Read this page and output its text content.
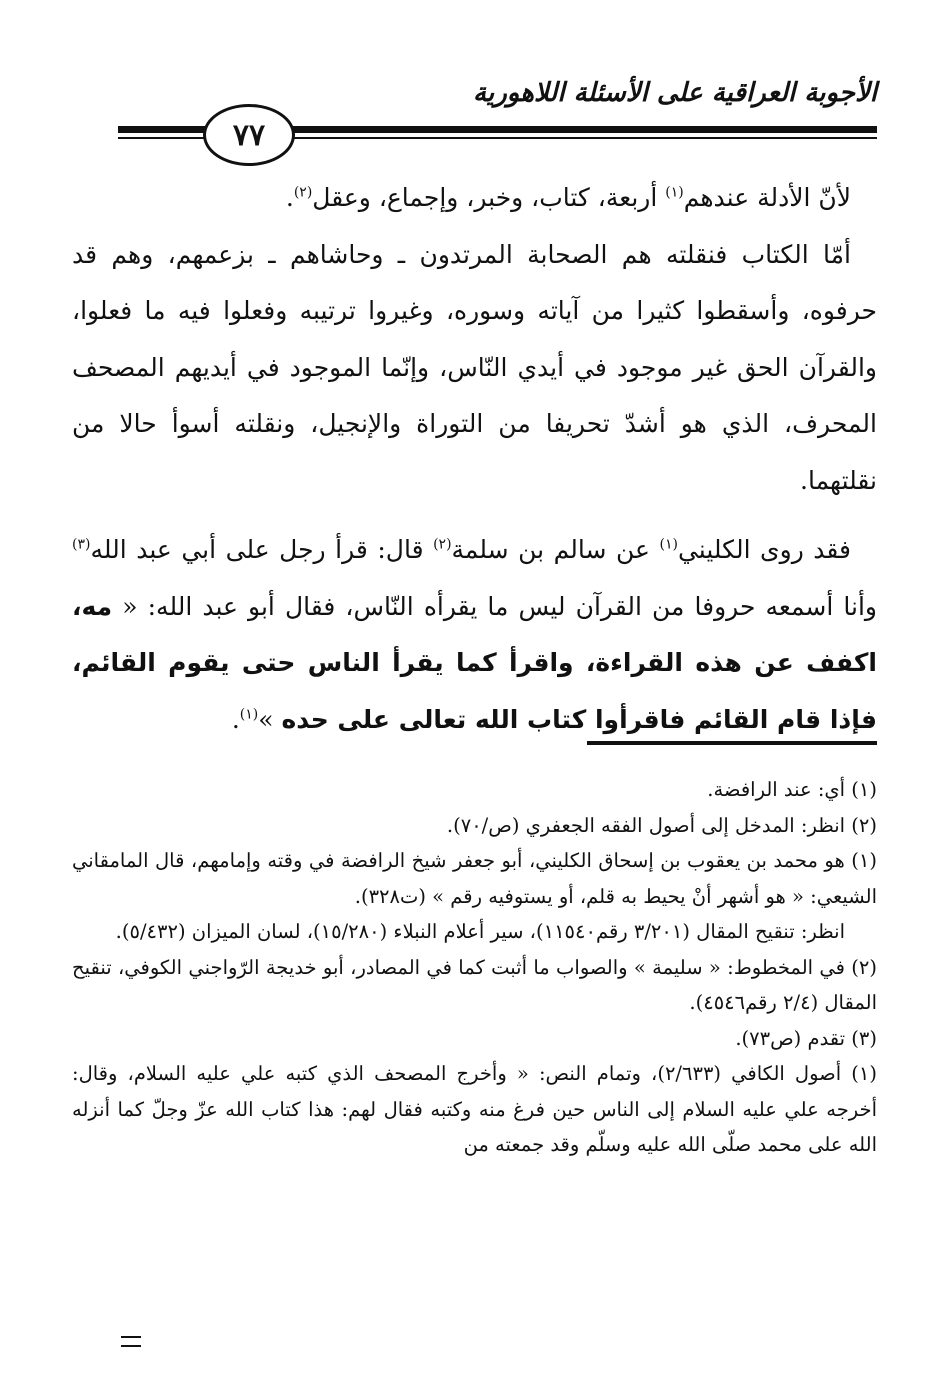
الأجوبة العراقية على الأسئلة اللاهورية
٧٧

لأنّ الأدلة عندهم$^{(١)}$ أربعة، كتاب، وخبر، وإجماع، وعقل$^{(٢)}$.

أمّا الكتاب فنقلته هم الصحابة المرتدون ـ وحاشاهم ـ بزعمهم، وهم قد حرفوه، وأسقطوا كثيرا من آياته وسوره، وغيروا ترتيبه وفعلوا فيه ما فعلوا، والقرآن الحق غير موجود في أيدي النّاس، وإنّما الموجود في أيديهم المصحف المحرف، الذي هو أشدّ تحريفا من التوراة والإنجيل، ونقلته أسوأ حالا من نقلتهما.

فقد روى الكليني$^{(١)}$ عن سالم بن سلمة$^{(٢)}$ قال: قرأ رجل على أبي عبد الله$^{(٣)}$ وأنا أسمعه حروفا من القرآن ليس ما يقرأه النّاس، فقال أبو عبد الله: « مه، اكفف عن هذه القراءة، واقرأ كما يقرأ الناس حتى يقوم القائم، فإذا قام القائم فاقرأوا كتاب الله تعالى على حده »$^{(١)}$.

(١) أي: عند الرافضة.

(٢) انظر: المدخل إلى أصول الفقه الجعفري (ص/٧٠).

(١) هو محمد بن يعقوب بن إسحاق الكليني، أبو جعفر شيخ الرافضة في وقته وإمامهم، قال المامقاني الشيعي: « هو أشهر أنْ يحيط به قلم، أو يستوفيه رقم » (ت٣٢٨).

انظر: تنقيح المقال (٣/٢٠١ رقم١١٥٤٠)، سير أعلام النبلاء (١٥/٢٨٠)، لسان الميزان (٥/٤٣٢).

(٢) في المخطوط: « سليمة » والصواب ما أثبت كما في المصادر، أبو خديجة الرّواجني الكوفي، تنقيح المقال (٢/٤ رقم٤٥٤٦).

(٣) تقدم (ص٧٣).

(١) أصول الكافي (٢/٦٣٣)، وتمام النص: « وأخرج المصحف الذي كتبه علي عليه السلام، وقال: أخرجه علي عليه السلام إلى الناس حين فرغ منه وكتبه فقال لهم: هذا كتاب الله عزّ وجلّ كما أنزله الله على محمد صلّى الله عليه وسلّم وقد جمعته من
